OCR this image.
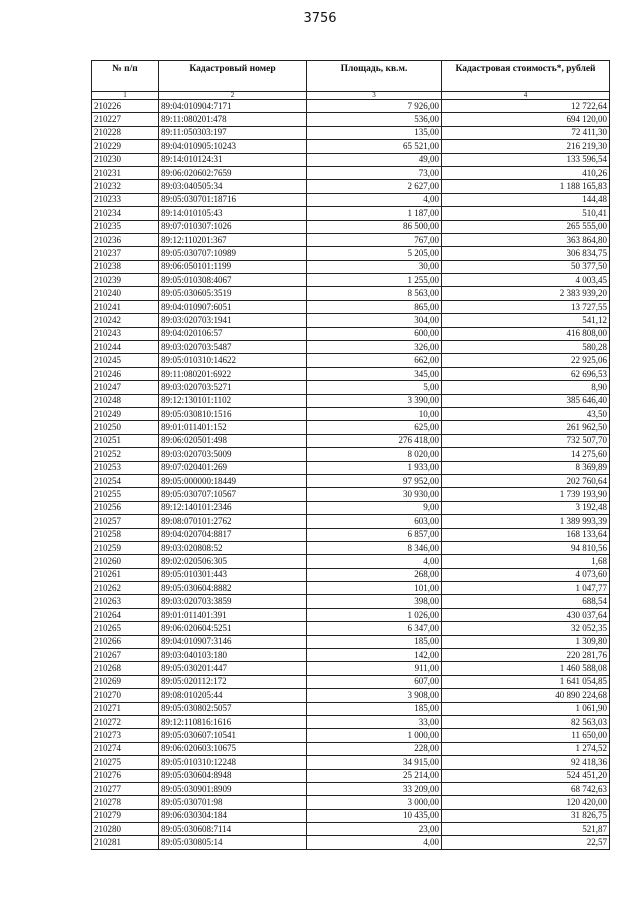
3756
№ п/п	Кадастровый номер	Площадь, кв.м.	Кадастровая стоимость*, рублей
1	2	3	4
210226	89:04:010904:7171	7 926,00	12 722,64
210227	89:11:080201:478	536,00	694 120,00
210228	89:11:050303:197	135,00	72 411,30
210229	89:04:010905:10243	65 521,00	216 219,30
210230	89:14:010124:31	49,00	133 596,54
210231	89:06:020602:7659	73,00	410,26
210232	89:03:040505:34	2 627,00	1 188 165,83
210233	89:05:030701:18716	4,00	144,48
210234	89:14:010105:43	1 187,00	510,41
210235	89:07:010307:1026	86 500,00	265 555,00
210236	89:12:110201:367	767,00	363 864,80
210237	89:05:030707:10989	5 205,00	306 834,75
210238	89:06:050101:1199	30,00	50 377,50
210239	89:05:010308:4067	1 255,00	4 003,45
210240	89:05:030605:3519	8 563,00	2 383 939,20
210241	89:04:010907:6051	865,00	13 727,55
210242	89:03:020703:1941	304,00	541,12
210243	89:04:020106:57	600,00	416 808,00
210244	89:03:020703:5487	326,00	580,28
210245	89:05:010310:14622	662,00	22 925,06
210246	89:11:080201:6922	345,00	62 696,53
210247	89:03:020703:5271	5,00	8,90
210248	89:12:130101:1102	3 390,00	385 646,40
210249	89:05:030810:1516	10,00	43,50
210250	89:01:011401:152	625,00	261 962,50
210251	89:06:020501:498	276 418,00	732 507,70
210252	89:03:020703:5009	8 020,00	14 275,60
210253	89:07:020401:269	1 933,00	8 369,89
210254	89:05:000000:18449	97 952,00	202 760,64
210255	89:05:030707:10567	30 930,00	1 739 193,90
210256	89:12:140101:2346	9,00	3 192,48
210257	89:08:070101:2762	603,00	1 389 993,39
210258	89:04:020704:8817	6 857,00	168 133,64
210259	89:03:020808:52	8 346,00	94 810,56
210260	89:02:020506:305	4,00	1,68
210261	89:05:010301:443	268,00	4 073,60
210262	89:05:030604:8882	101,00	1 047,77
210263	89:03:020703:3859	398,00	688,54
210264	89:01:011401:391	1 026,00	430 037,64
210265	89:06:020604:5251	6 347,00	32 052,35
210266	89:04:010907:3146	185,00	1 309,80
210267	89:03:040103:180	142,00	220 281,76
210268	89:05:030201:447	911,00	1 460 588,08
210269	89:05:020112:172	607,00	1 641 054,85
210270	89:08:010205:44	3 908,00	40 890 224,68
210271	89:05:030802:5057	185,00	1 061,90
210272	89:12:110816:1616	33,00	82 563,03
210273	89:05:030607:10541	1 000,00	11 650,00
210274	89:06:020603:10675	228,00	1 274,52
210275	89:05:010310:12248	34 915,00	92 418,36
210276	89:05:030604:8948	25 214,00	524 451,20
210277	89:05:030901:8909	33 209,00	68 742,63
210278	89:05:030701:98	3 000,00	120 420,00
210279	89:06:030304:184	10 435,00	31 826,75
210280	89:05:030608:7114	23,00	521,87
210281	89:05:030805:14	4,00	22,57
